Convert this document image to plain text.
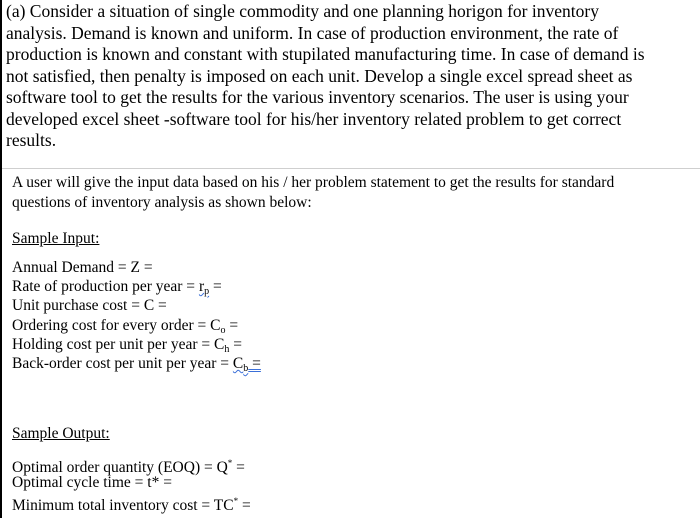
(a) Consider a situation of single commodity and one planning horigon for inventory
analysis. Demand is known and uniform. In case of production environment, the rate of
production is known and constant with stupilated manufacturing time. In case of demand is
not satisfied, then penalty is imposed on each unit. Develop a single excel spread sheet as
software tool to get the results for the various inventory scenarios. The user is using your
developed excel sheet -software tool for his/her inventory related problem to get correct
results.
A user will give the input data based on his / her problem statement to get the results for standard
questions of inventory analysis as shown below:
Sample Input:
Annual Demand = Z =
Rate of production per year = $r_p$ =
Unit purchase cost = C =
Ordering cost for every order = $C_o$ =
Holding cost per unit per year = $C_h$ =
Back-order cost per unit per year = $C_b$ =
Sample Output:
Optimal order quantity (EOQ) = Q* =
Optimal cycle time = t* =
Minimum total inventory cost = TC* =
